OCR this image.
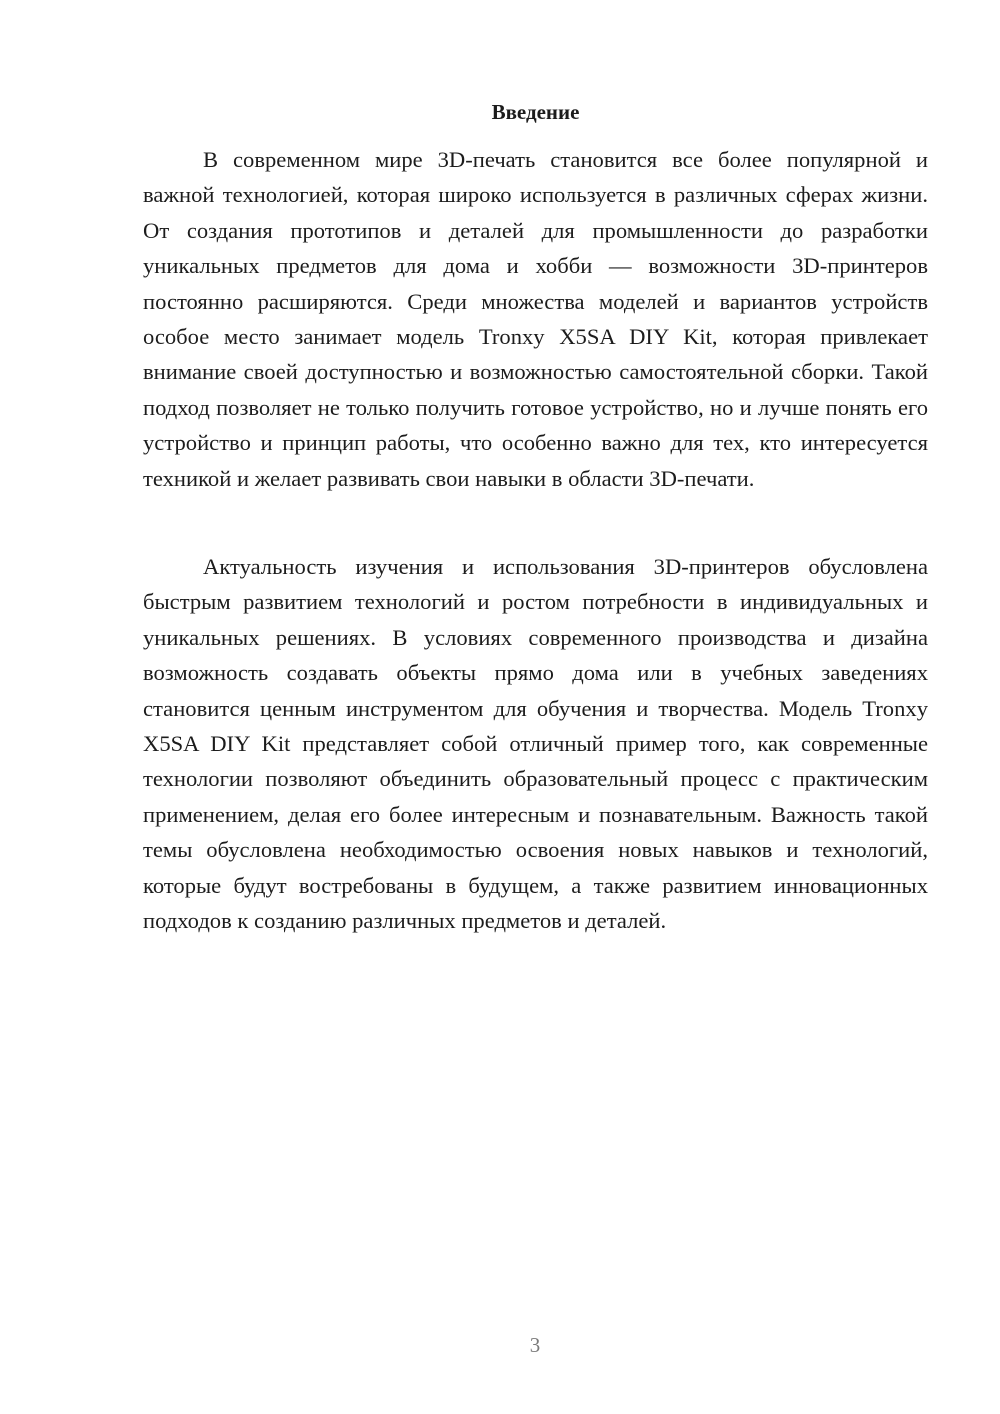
Введение

В современном мире 3D-печать становится все более популярной и важной технологией, которая широко используется в различных сферах жизни. От создания прототипов и деталей для промышленности до разработки уникальных предметов для дома и хобби — возможности 3D-принтеров постоянно расширяются. Среди множества моделей и вариантов устройств особое место занимает модель Tronxy X5SA DIY Kit, которая привлекает внимание своей доступностью и возможностью самостоятельной сборки. Такой подход позволяет не только получить готовое устройство, но и лучше понять его устройство и принцип работы, что особенно важно для тех, кто интересуется техникой и желает развивать свои навыки в области 3D-печати.

Актуальность изучения и использования 3D-принтеров обусловлена быстрым развитием технологий и ростом потребности в индивидуальных и уникальных решениях. В условиях современного производства и дизайна возможность создавать объекты прямо дома или в учебных заведениях становится ценным инструментом для обучения и творчества. Модель Tronxy X5SA DIY Kit представляет собой отличный пример того, как современные технологии позволяют объединить образовательный процесс с практическим применением, делая его более интересным и познавательным. Важность такой темы обусловлена необходимостью освоения новых навыков и технологий, которые будут востребованы в будущем, а также развитием инновационных подходов к созданию различных предметов и деталей.

3
